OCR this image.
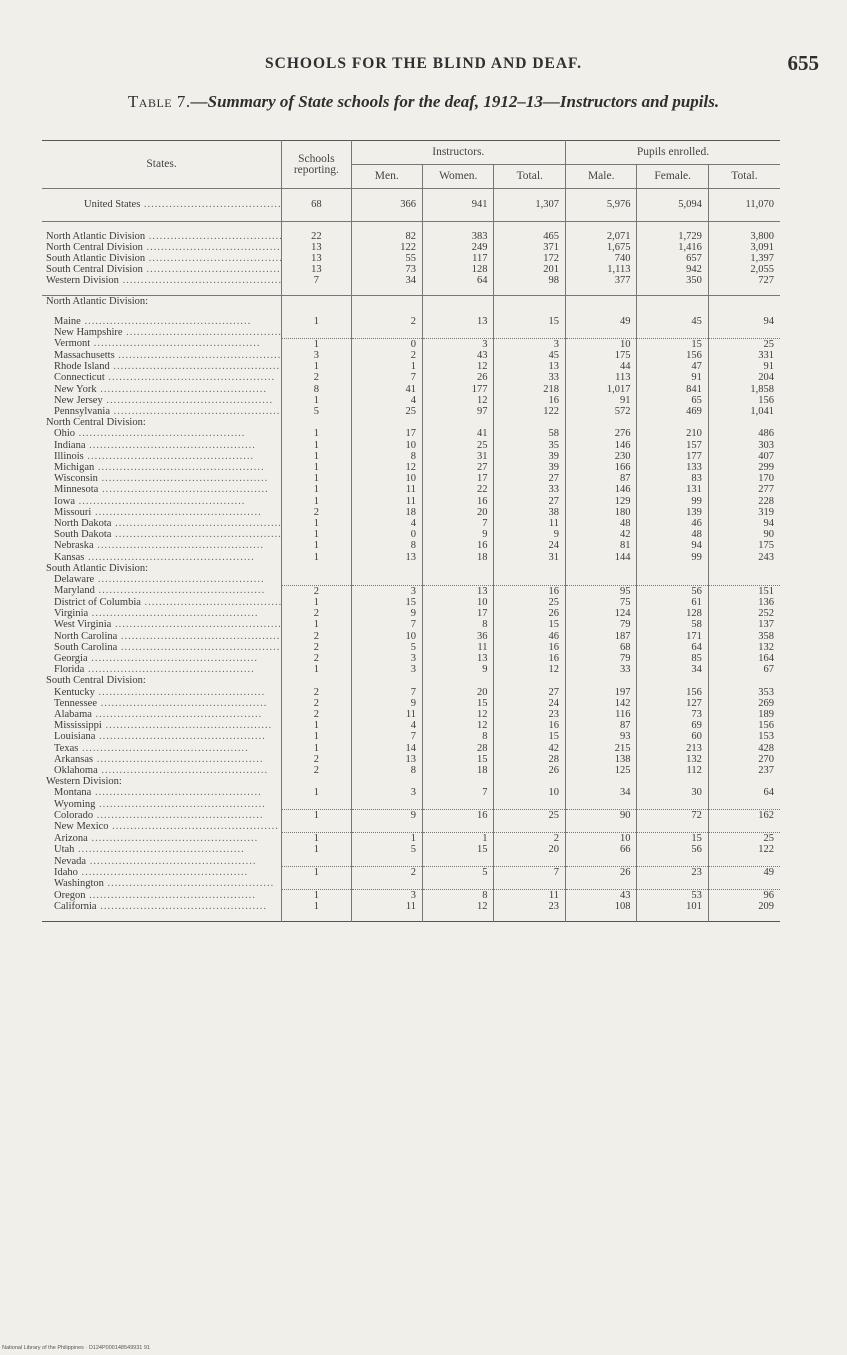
SCHOOLS FOR THE BLIND AND DEAF.	655
Table 7.—Summary of State schools for the deaf, 1912–13—Instructors and pupils.
States.	Schools reporting.	Instructors.			Pupils enrolled.		
		Men.	Women.	Total.	Male.	Female.	Total.
United States .....	68	366	941	1,307	5,976	5,094	11,070
North Atlantic Division .....	22	82	383	465	2,071	1,729	3,800
North Central Division .....	13	122	249	371	1,675	1,416	3,091
South Atlantic Division .....	13	55	117	172	740	657	1,397
South Central Division .....	13	73	128	201	1,113	942	2,055
Western Division .....	7	34	64	98	377	350	727
North Atlantic Division:							
Maine .....	1	2	13	15	49	45	94
New Hampshire .....							
Vermont .....	1	0	3	3	10	15	25
Massachusetts .....	3	2	43	45	175	156	331
Rhode Island .....	1	1	12	13	44	47	91
Connecticut .....	2	7	26	33	113	91	204
New York .....	8	41	177	218	1,017	841	1,858
New Jersey .....	1	4	12	16	91	65	156
Pennsylvania .....	5	25	97	122	572	469	1,041
North Central Division:							
Ohio .....	1	17	41	58	276	210	486
Indiana .....	1	10	25	35	146	157	303
Illinois .....	1	8	31	39	230	177	407
Michigan .....	1	12	27	39	166	133	299
Wisconsin .....	1	10	17	27	87	83	170
Minnesota .....	1	11	22	33	146	131	277
Iowa .....	1	11	16	27	129	99	228
Missouri .....	2	18	20	38	180	139	319
North Dakota .....	1	4	7	11	48	46	94
South Dakota .....	1	0	9	9	42	48	90
Nebraska .....	1	8	16	24	81	94	175
Kansas .....	1	13	18	31	144	99	243
South Atlantic Division:							
Delaware .....							
Maryland .....	2	3	13	16	95	56	151
District of Columbia .....	1	15	10	25	75	61	136
Virginia .....	2	9	17	26	124	128	252
West Virginia .....	1	7	8	15	79	58	137
North Carolina .....	2	10	36	46	187	171	358
South Carolina .....	2	5	11	16	68	64	132
Georgia .....	2	3	13	16	79	85	164
Florida .....	1	3	9	12	33	34	67
South Central Division:							
Kentucky .....	2	7	20	27	197	156	353
Tennessee .....	2	9	15	24	142	127	269
Alabama .....	2	11	12	23	116	73	189
Mississippi .....	1	4	12	16	87	69	156
Louisiana .....	1	7	8	15	93	60	153
Texas .....	1	14	28	42	215	213	428
Arkansas .....	2	13	15	28	138	132	270
Oklahoma .....	2	8	18	26	125	112	237
Western Division:							
Montana .....	1	3	7	10	34	30	64
Wyoming .....							
Colorado .....	1	9	16	25	90	72	162
New Mexico .....							
Arizona .....	1	1	1	2	10	15	25
Utah .....	1	5	15	20	66	56	122
Nevada .....							
Idaho .....	1	2	5	7	26	23	49
Washington .....							
Oregon .....	1	3	8	11	43	53	96
California .....	1	11	12	23	108	101	209
National Library of the Philippines · D124P000148549931 91
